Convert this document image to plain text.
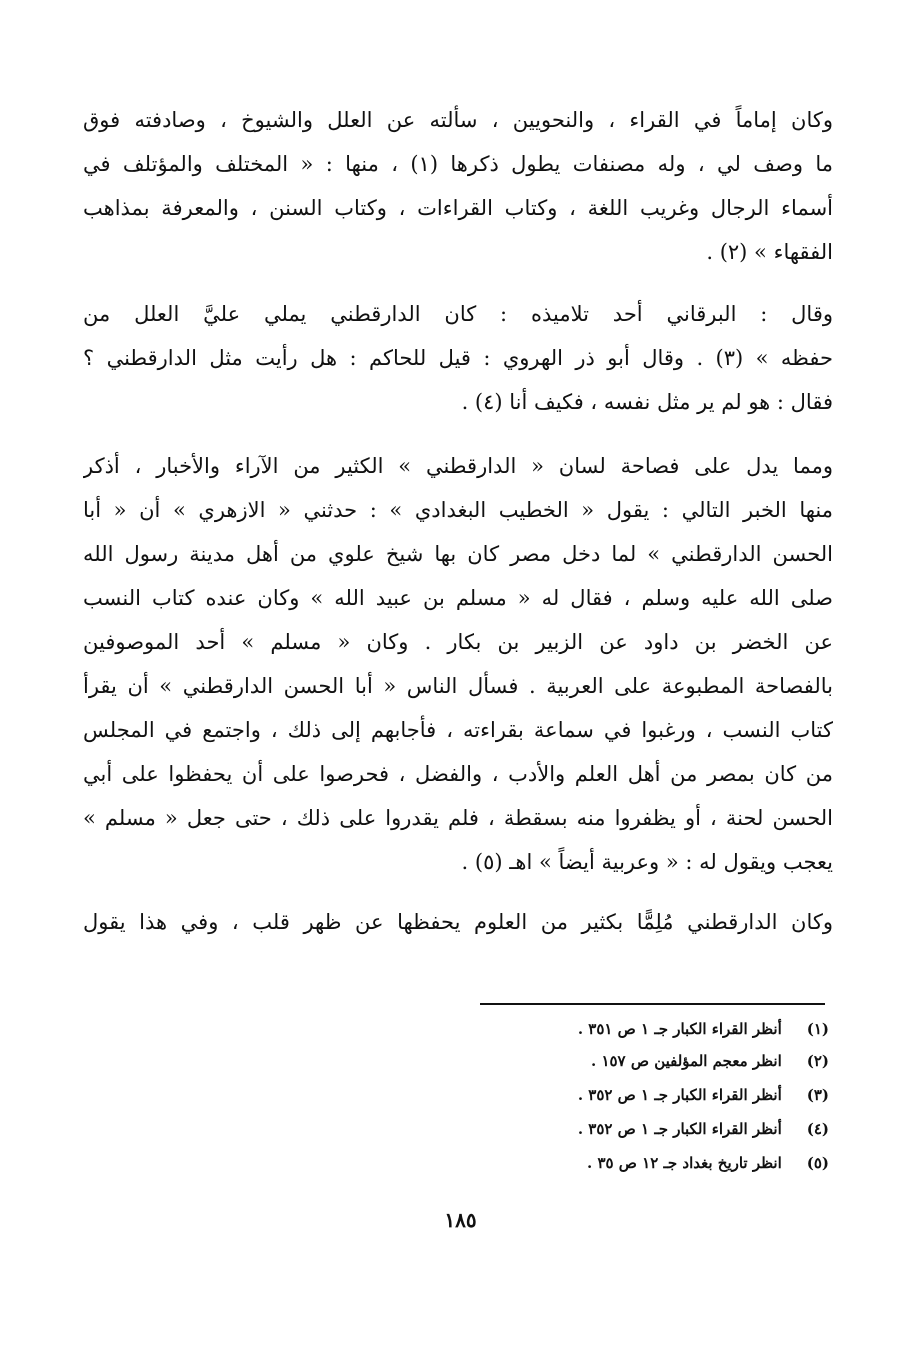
وكان إماماً في القراء ، والنحويين ، سألته عن العلل والشيوخ ، وصادفته فوق
ما وصف لي ، وله مصنفات يطول ذكرها (١) ، منها : « المختلف والمؤتلف في
أسماء الرجال وغريب اللغة ، وكتاب القراءات ، وكتاب السنن ، والمعرفة بمذاهب
الفقهاء » (٢) .
وقال : البرقاني أحد تلاميذه : كان الدارقطني يملي عليَّ العلل من
حفظه » (٣) . وقال أبو ذر الهروي : قيل للحاكم : هل رأيت مثل الدارقطني ؟
فقال : هو لم ير مثل نفسه ، فكيف أنا (٤) .
ومما يدل على فصاحة لسان « الدارقطني » الكثير من الآراء والأخبار ، أذكر
منها الخبر التالي : يقول « الخطيب البغدادي » : حدثني « الازهري » أن « أبا
الحسن الدارقطني » لما دخل مصر كان بها شيخ علوي من أهل مدينة رسول الله
صلى الله عليه وسلم ، فقال له « مسلم بن عبيد الله » وكان عنده كتاب النسب
عن الخضر بن داود عن الزبير بن بكار . وكان « مسلم » أحد الموصوفين
بالفصاحة المطبوعة على العربية . فسأل الناس « أبا الحسن الدارقطني » أن يقرأ
كتاب النسب ، ورغبوا في سماعة بقراءته ، فأجابهم إلى ذلك ، واجتمع في المجلس
من كان بمصر من أهل العلم والأدب ، والفضل ، فحرصوا على أن يحفظوا على أبي
الحسن لحنة ، أو يظفروا منه بسقطة ، فلم يقدروا على ذلك ، حتى جعل « مسلم »
يعجب ويقول له : « وعربية أيضاً » اهـ (٥) .
وكان الدارقطني مُلِمًّا بكثير من العلوم يحفظها عن ظهر قلب ، وفي هذا يقول
(١) أنظر القراء الكبار جـ ١ ص ٣٥١ .
(٢) انظر معجم المؤلفين ص ١٥٧ .
(٣) أنظر القراء الكبار جـ ١ ص ٣٥٢ .
(٤) أنظر القراء الكبار جـ ١ ص ٣٥٢ .
(٥) انظر تاريخ بغداد جـ ١٢ ص ٣٥ .
١٨٥
